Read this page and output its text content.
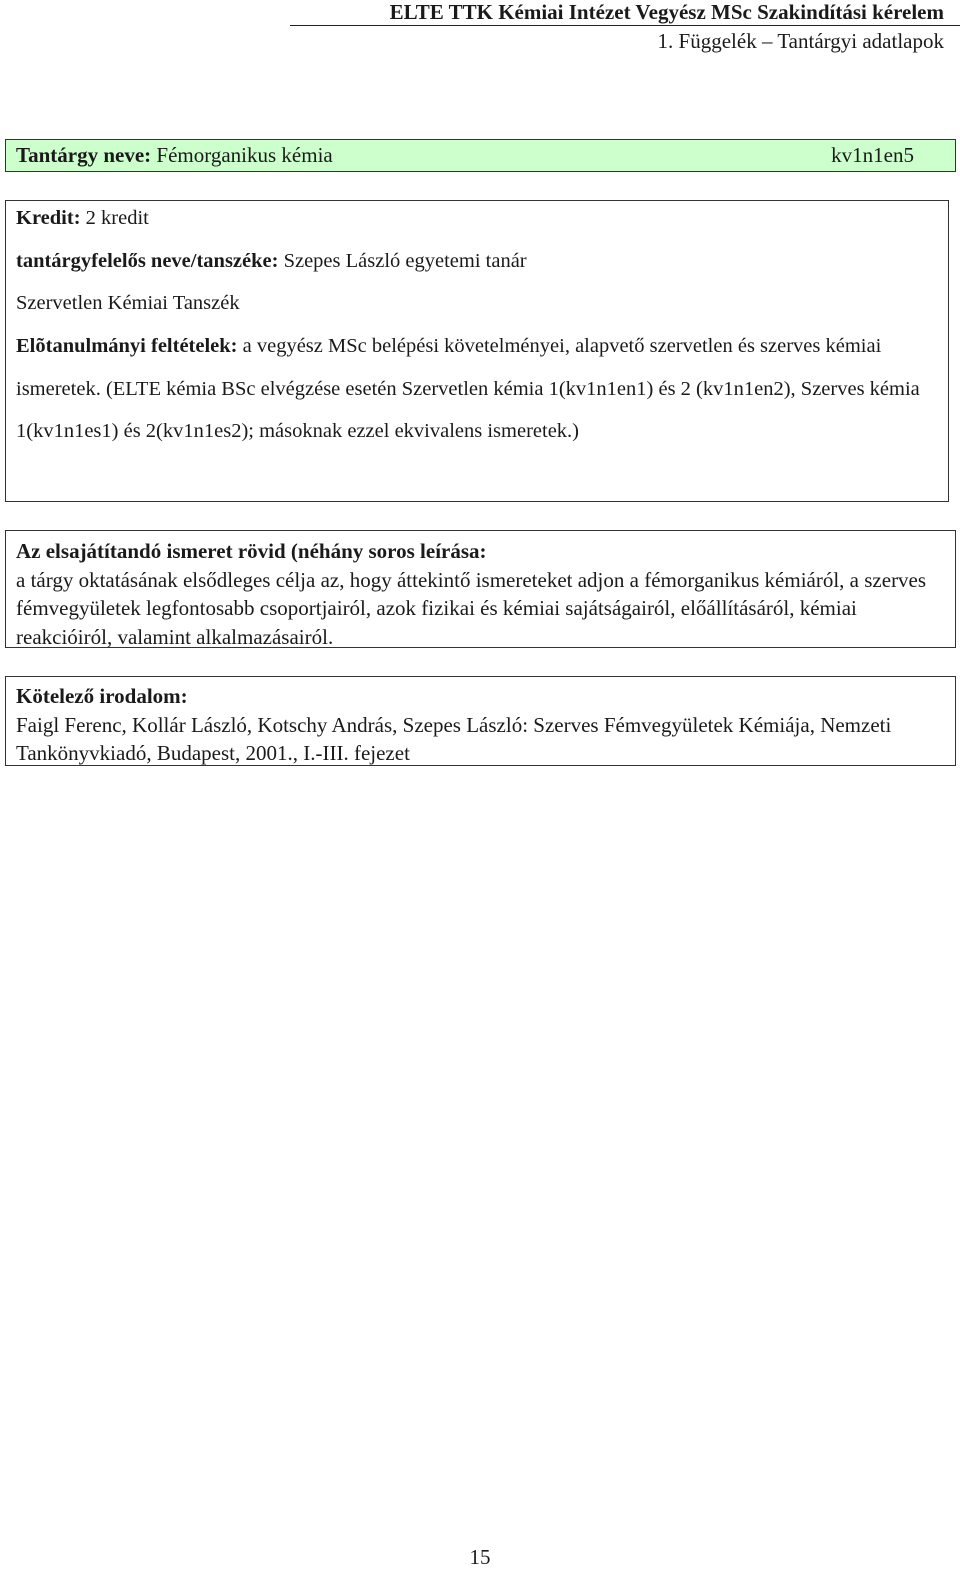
ELTE TTK Kémiai Intézet Vegyész MSc Szakindítási kérelem
1. Függelék – Tantárgyi adatlapok
Tantárgy neve: Fémorganikus kémia	kv1n1en5
Kredit: 2 kredit
tantárgyfelelős neve/tanszéke: Szepes László egyetemi tanár
Szervetlen Kémiai Tanszék
Elõtanulmányi feltételek: a vegyész MSc belépési követelményei, alapvető szervetlen és szerves kémiai ismeretek. (ELTE kémia BSc elvégzése esetén Szervetlen kémia 1(kv1n1en1) és 2 (kv1n1en2), Szerves kémia 1(kv1n1es1) és 2(kv1n1es2); másoknak ezzel ekvivalens ismeretek.)
Az elsajátítandó ismeret rövid (néhány soros leírása:
a tárgy oktatásának elsődleges célja az, hogy áttekintő ismereteket adjon a fémorganikus kémiáról, a szerves fémvegyületek legfontosabb csoportjairól, azok fizikai és kémiai sajátságairól, előállításáról, kémiai reakcióiról, valamint alkalmazásairól.
Kötelező irodalom:
Faigl Ferenc, Kollár László, Kotschy András, Szepes László: Szerves Fémvegyületek Kémiája, Nemzeti Tankönyvkiadó, Budapest, 2001., I.-III. fejezet
15
